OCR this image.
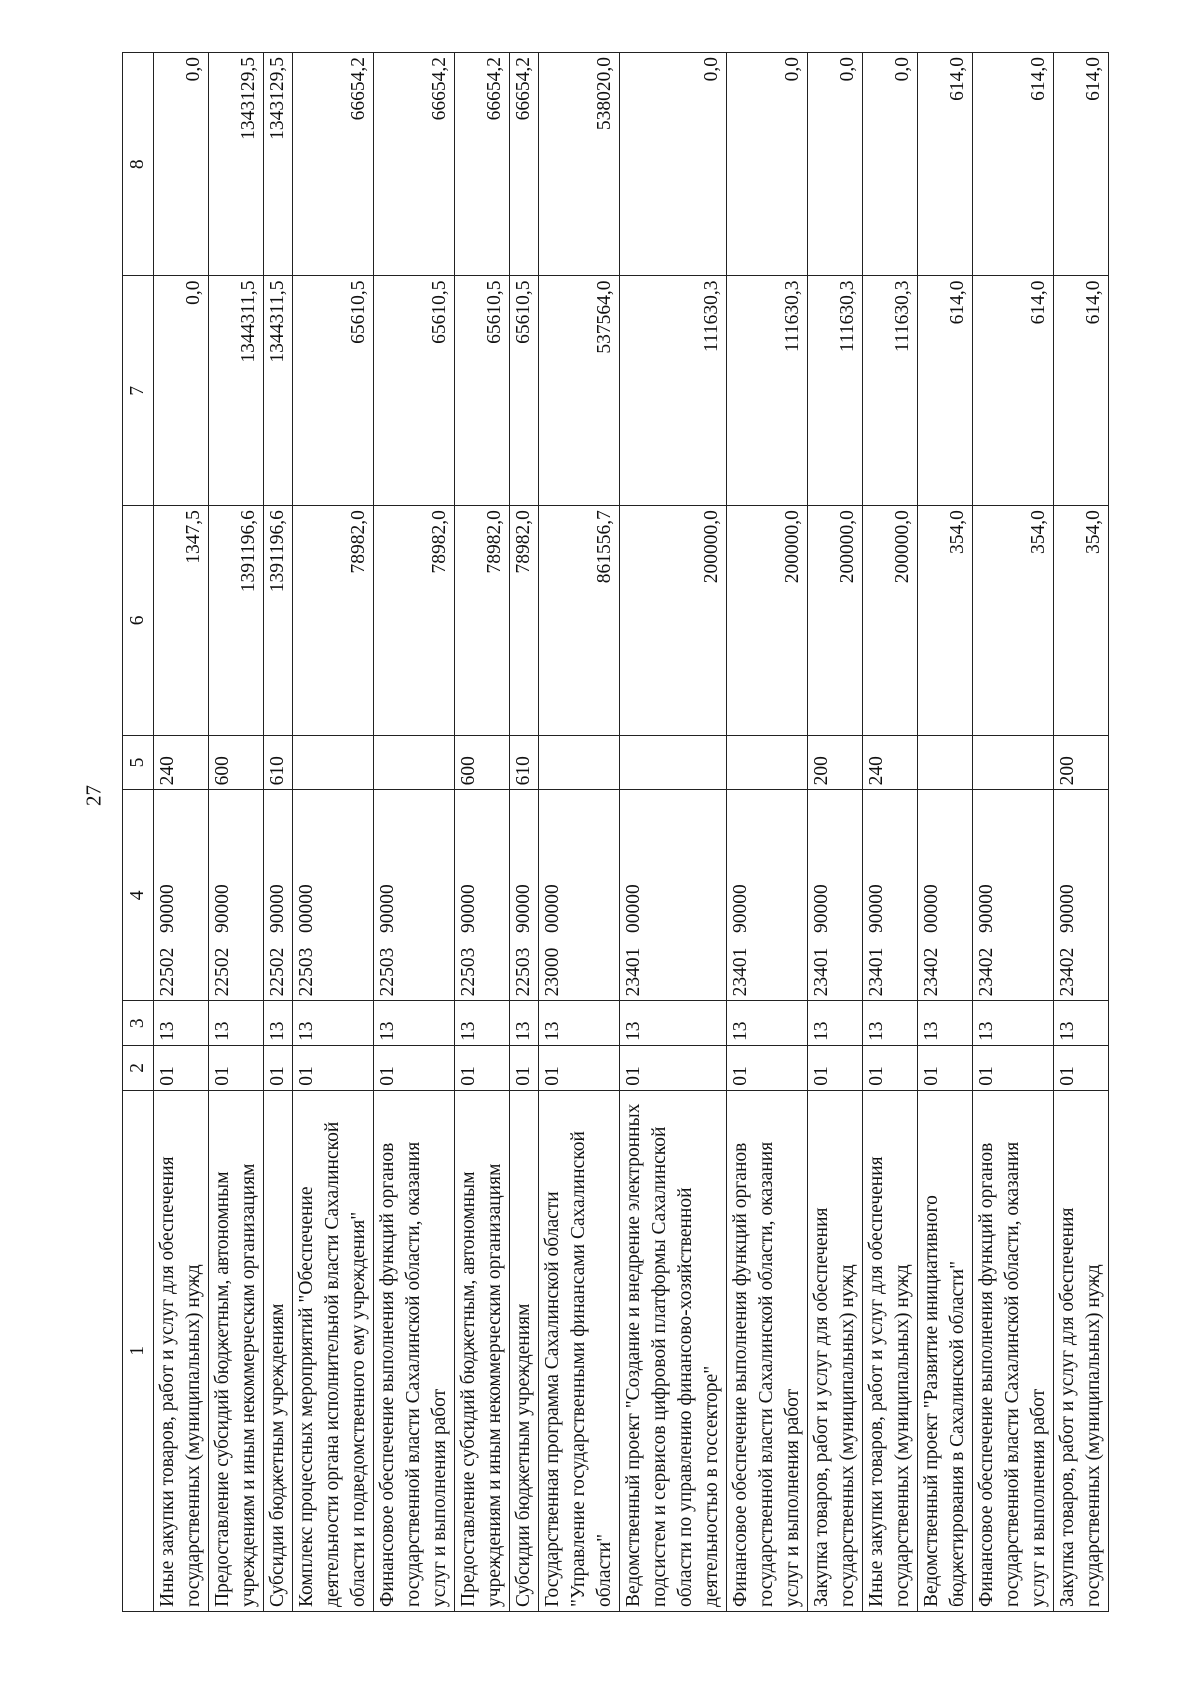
27
1	2	3	4	5	6	7	8
Иные закупки товаров, работ и услуг для обеспечения государственных (муниципальных) нужд	01	13	22502   90000	240	1347,5	0,0	0,0
Предоставление субсидий бюджетным, автономным учреждениям и иным некоммерческим организациям	01	13	22502   90000	600	1391196,6	1344311,5	1343129,5
Субсидии бюджетным учреждениям	01	13	22502   90000	610	1391196,6	1344311,5	1343129,5
Комплекс процессных мероприятий "Обеспечение деятельности органа исполнительной власти Сахалинской области и подведомственного ему учреждения"	01	13	22503   00000		78982,0	65610,5	66654,2
Финансовое обеспечение выполнения функций органов государственной власти Сахалинской области, оказания услуг и выполнения работ	01	13	22503   90000		78982,0	65610,5	66654,2
Предоставление субсидий бюджетным, автономным учреждениям и иным некоммерческим организациям	01	13	22503   90000	600	78982,0	65610,5	66654,2
Субсидии бюджетным учреждениям	01	13	22503   90000	610	78982,0	65610,5	66654,2
Государственная программа Сахалинской области "Управление государственными финансами Сахалинской области"	01	13	23000   00000		861556,7	537564,0	538020,0
Ведомственный проект "Создание и внедрение электронных подсистем и сервисов цифровой платформы Сахалинской области по управлению финансово-хозяйственной деятельностью в госсекторе"	01	13	23401   00000		200000,0	111630,3	0,0
Финансовое обеспечение выполнения функций органов государственной власти Сахалинской области, оказания услуг и выполнения работ	01	13	23401   90000		200000,0	111630,3	0,0
Закупка товаров, работ и услуг для обеспечения государственных (муниципальных) нужд	01	13	23401   90000	200	200000,0	111630,3	0,0
Иные закупки товаров, работ и услуг для обеспечения государственных (муниципальных) нужд	01	13	23401   90000	240	200000,0	111630,3	0,0
Ведомственный проект "Развитие инициативного бюджетирования в Сахалинской области"	01	13	23402   00000		354,0	614,0	614,0
Финансовое обеспечение выполнения функций органов государственной власти Сахалинской области, оказания услуг и выполнения работ	01	13	23402   90000		354,0	614,0	614,0
Закупка товаров, работ и услуг для обеспечения государственных (муниципальных) нужд	01	13	23402   90000	200	354,0	614,0	614,0
